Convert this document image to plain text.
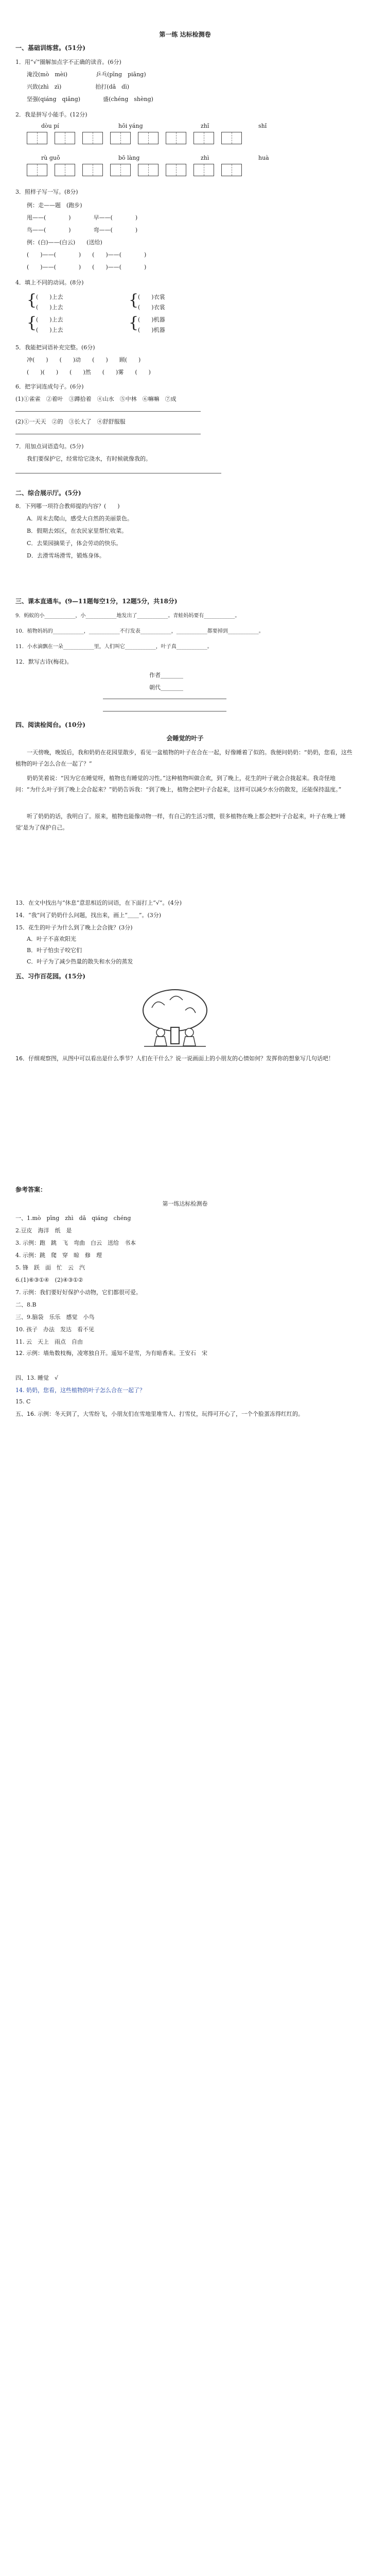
第一练 达标检测卷
一、基础训练营。(51分)
1．用“√”圈解加点字不正确的读音。(6分)
淹没(mò　mèi)　　　　　乒乓(pīng　piāng)
兴致(zhì　zì)　　　　　　拍打(dǎ　dì)
坚强(qiáng　qiǎng)　　　　盛(chéng　shèng)
2．我是拼写小能手。(12分)
dòu pí	hōi yáng	zhǐ	shǐ
rù guǒ	bō làng	zhì	huà
3．照样子写一写。(8分)
例：走——题　(跑步)
甩——(　　　　)　　　　早——(　　　　)
鸟——(　　　　)　　　　弯——(　　　　)
例：(白)——(白云)　　(送给)
(　　)——(　　　　)　　(　　)——(　　　　)
(　　)——(　　　　)　　(　　)——(　　　　)
4．填上不同的动词。(8分)
{
(　　)上去
(　　)上去	{
(　　)衣裳
(　　)衣裳
{
(　　)上去
(　　)上去	{
(　　)机器
(　　)机器
5．我能把词语补充完整。(6分)
冲(　　)　　(　　)动　　(　　)　　顾(　　)
(　　)(　　)　　(　　)然　　(　　)雾　　(　　)
6．把字词连成句子。(6分)
(1)①雀雀　②着叶　③蹲拾着　④山水　⑤中林　⑥嘛嘛　⑦成
(2)①一天天　②的　③长大了　④舒舒服服
7．用加点词语造句。(5分)
我们要保护它，经常给它浇水，有时候就像我的。
二、综合展示厅。(5分)
8．下列哪一项符合教师提的内容？(　　)
A．周末去爬山，感受大自然的美丽景色。
B．假期去郊区，在农民家里帮忙收菜。
C．去果园摘果子，体会劳动的快乐。
D．去滑雪场滑雪，锻炼身体。
三、课本直通车。(9—11题每空1分，12题5分，共18分)
9．蚂蚁的小____________，小____________地发出了____________。青蛙妈妈要有____________。
10．植物妈妈的____________，____________不行发表____________，____________都要掉到____________。
11．小水滴飘在一朵____________里，人们叫它____________，叶子真____________。
12．默写古诗(梅花)。
作者________
朝代________
四、阅读检阅台。(10分)
会睡觉的叶子
一天傍晚，晚饭后，我和奶奶在花园里散步，看见一盆植物的叶子在合在一起，好像睡着了似的。我便问奶奶：“奶奶，您看，这些植物的叶子怎么合在一起了？”
奶奶笑着说：“因为它在睡觉呀，植物也有睡觉的习性。”这种植物叫做合欢，到了晚上，花生的叶子就会合拢起来。我奇怪地问：“为什么叶子到了晚上会合起来？”奶奶告诉我：“到了晚上，植物会把叶子合起来，这样可以减少水分的散发，还能保持温度。”
听了奶奶的话，我明白了。原来，植物也能像动物一样，有自己的生活习惯，很多植物在晚上都会把叶子合起来，叶子在晚上‘睡觉’是为了保护自己。
13．在文中找出与“休息”意思相近的词语，在下面打上“√”。(4分)
14．“我”问了奶奶什么问题，找出来，画上“＿＿”。(3分)
15．花生的叶子为什么到了晚上会合拢？(3分)
A．叶子不喜欢阳光
B．叶子怕虫子咬它们
C．叶子为了减少热量的散失和水分的蒸发
五、习作百花园。(15分)
16．仔细观察图，从图中可以看出是什么季节？人们在干什么？说一说画面上的小朋友的心情如何？发挥你的想象写几句话吧！
参考答案：
第一练达标检测卷
一、1.mò　pīng　zhì　dǎ　qiáng　chéng
2.豆皮　海洋　纸　是
3. 示例：跑　跳　飞　弯曲　白云　送给　书本
4. 示例：跳　爬　穿　晾　修　理
5. 锋　跃　面　忙　云　汽
6.(1)⑥③①④　(2)④③①②
7. 示例：我们要好好保护小动物，它们都很可爱。
二、8.B
三、9.脑袋　乐乐　感觉　小鸟
10. 孩子　办法　发达　看不见
11. 云　天上　雨点　自由
12. 示例：墙角数枝梅，凌寒独自开。遥知不是雪，为有暗香来。王安石　宋
四、13. 睡觉　√
14. 奶奶，您看，这些植物的叶子怎么合在一起了？
15. C
五、16. 示例：冬天到了，大雪纷飞，小朋友们在雪地里堆雪人、打雪仗，玩得可开心了，一个个脸蛋冻得红红的。
